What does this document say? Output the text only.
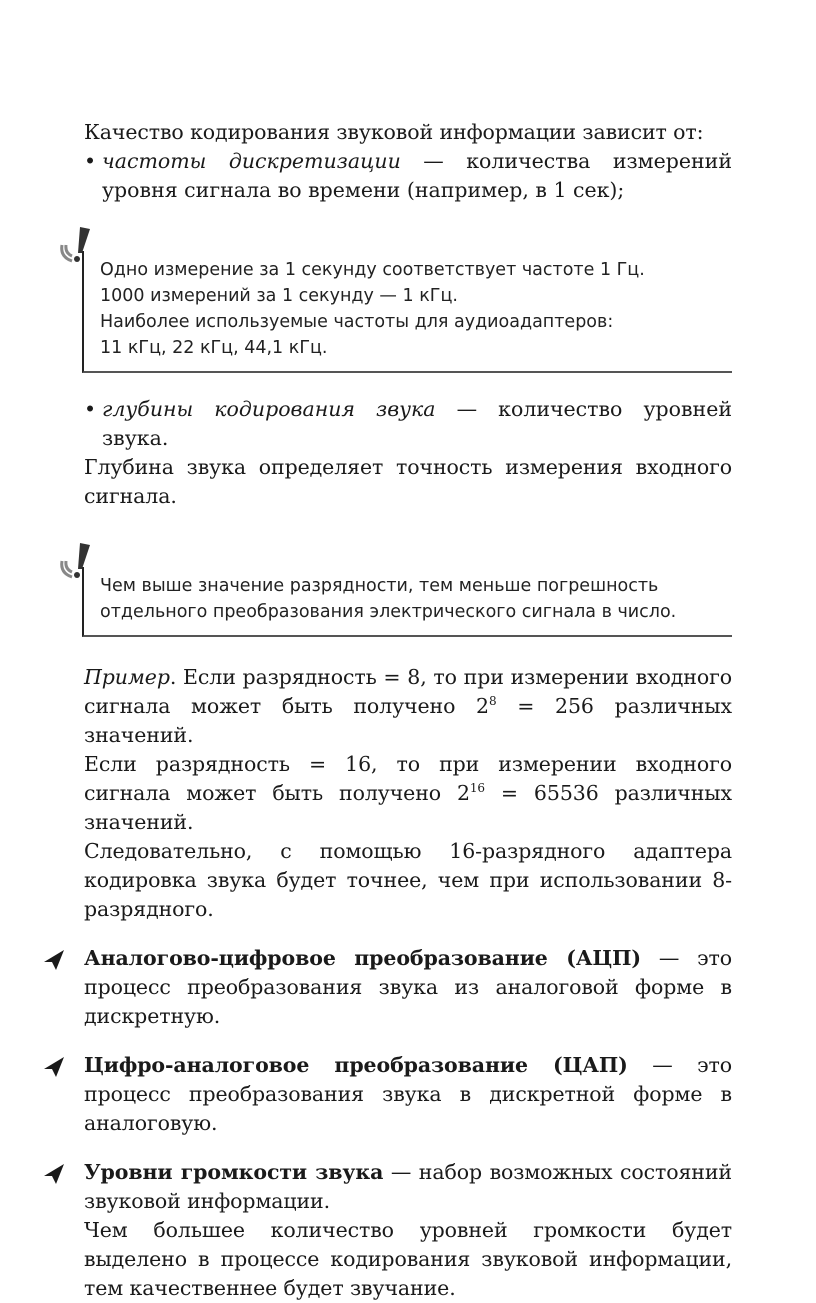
Качество кодирования звуковой информации зависит от:

• частоты дискретизации — количества измерений уровня сигнала во времени (например, в 1 сек);

Одно измерение за 1 секунду соответствует частоте 1 Гц.
1000 измерений за 1 секунду — 1 кГц.
Наиболее используемые частоты для аудиоадаптеров:
11 кГц, 22 кГц, 44,1 кГц.

• глубины кодирования звука — количество уровней звука.

Глубина звука определяет точность измерения входного сигнала.

Чем выше значение разрядности, тем меньше погрешность
отдельного преобразования электрического сигнала в число.

Пример. Если разрядность = 8, то при измерении входного сигнала может быть получено $2^8 = 256$ различных значений.

Если разрядность = 16, то при измерении входного сигнала может быть получено $2^{16} = 65536$ различных значений.

Следовательно, с помощью 16-разрядного адаптера кодировка звука будет точнее, чем при использовании 8-разрядного.

Аналогово-цифровое преобразование (АЦП) — это процесс преобразования звука из аналоговой форме в дискретную.

Цифро-аналоговое преобразование (ЦАП) — это процесс преобразования звука в дискретной форме в аналоговую.

Уровни громкости звука — набор возможных состояний звуковой информации.

Чем большее количество уровней громкости будет выделено в процессе кодирования звуковой информации, тем качественнее будет звучание.
